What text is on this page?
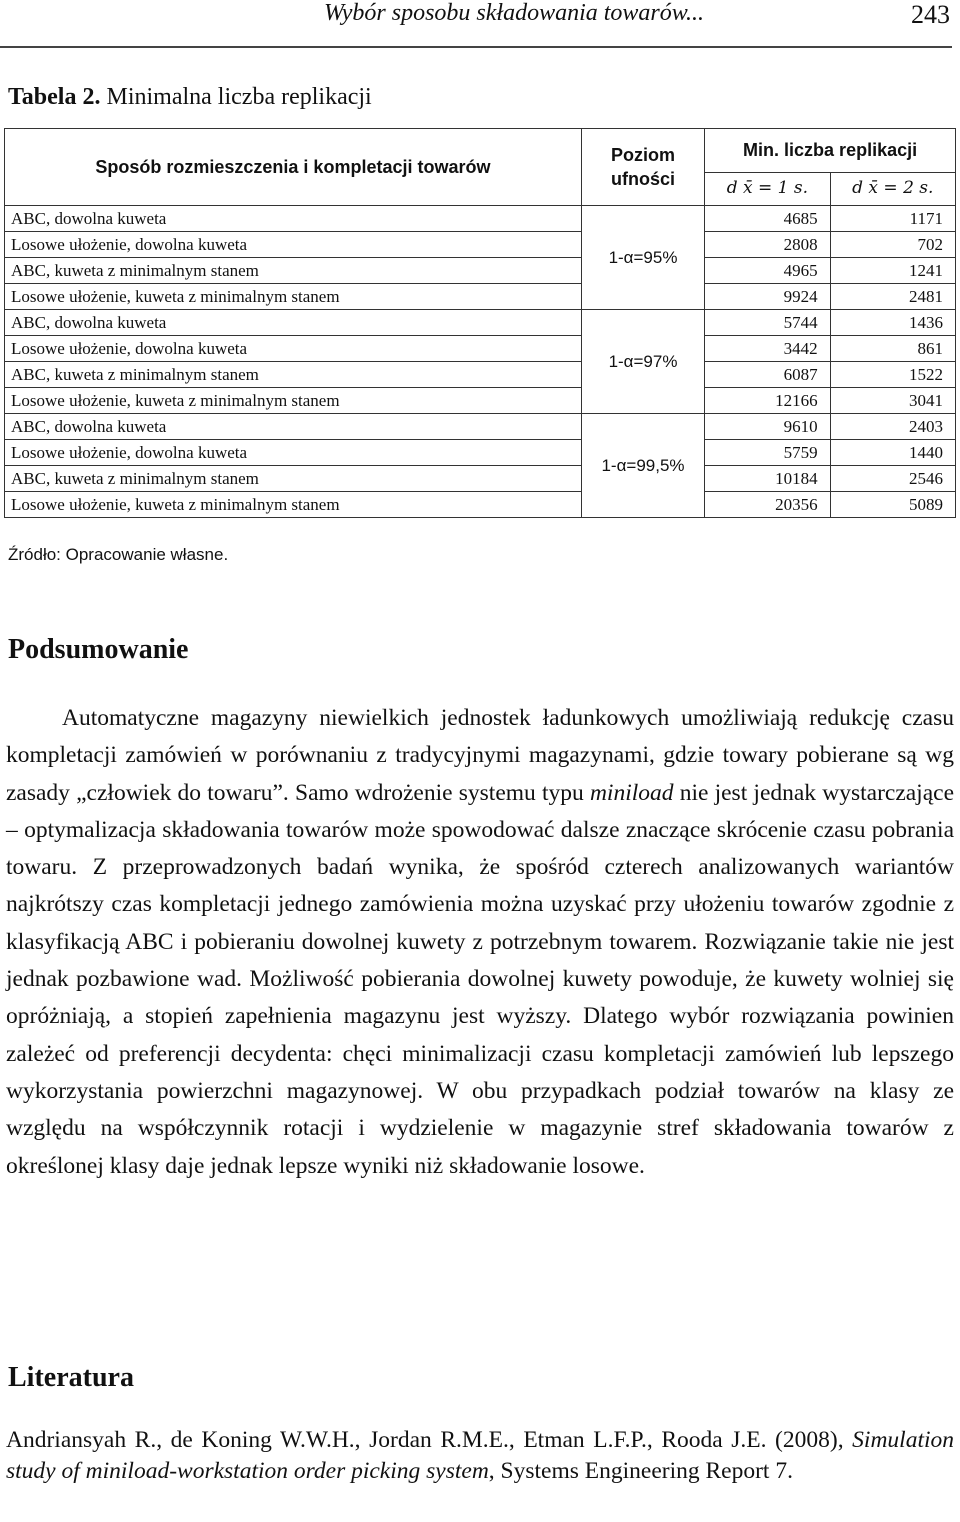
Wybór sposobu składowania towarów...	243
Tabela 2. Minimalna liczba replikacji
Sposób rozmieszczenia i kompletacji towarów	Poziom ufności	Min. liczba replikacji	
		d x̄ = 1 s.	d x̄ = 2 s.
ABC, dowolna kuweta	1-α=95%	4685	1171
Losowe ułożenie, dowolna kuweta		2808	702
ABC, kuweta z minimalnym stanem		4965	1241
Losowe ułożenie, kuweta z minimalnym stanem		9924	2481
ABC, dowolna kuweta	1-α=97%	5744	1436
Losowe ułożenie, dowolna kuweta		3442	861
ABC, kuweta z minimalnym stanem		6087	1522
Losowe ułożenie, kuweta z minimalnym stanem		12166	3041
ABC, dowolna kuweta	1-α=99,5%	9610	2403
Losowe ułożenie, dowolna kuweta		5759	1440
ABC, kuweta z minimalnym stanem		10184	2546
Losowe ułożenie, kuweta z minimalnym stanem		20356	5089
Źródło: Opracowanie własne.
Podsumowanie

Automatyczne magazyny niewielkich jednostek ładunkowych umożliwiają redukcję czasu kompletacji zamówień w porównaniu z tradycyjnymi magazynami, gdzie towary pobierane są wg zasady „człowiek do towaru”. Samo wdrożenie systemu typu miniload nie jest jednak wystarczające – optymalizacja składowania towarów może spowodować dalsze znaczące skrócenie czasu pobrania towaru. Z przeprowadzonych badań wynika, że spośród czterech analizowanych wariantów najkrótszy czas kompletacji jednego zamówienia można uzyskać przy ułożeniu towarów zgodnie z klasyfikacją ABC i pobieraniu dowolnej kuwety z potrzebnym towarem. Rozwiązanie takie nie jest jednak pozbawione wad. Możliwość pobierania dowolnej kuwety powoduje, że kuwety wolniej się opróżniają, a stopień zapełnienia magazynu jest wyższy. Dlatego wybór rozwiązania powinien zależeć od preferencji decydenta: chęci minimalizacji czasu kompletacji zamówień lub lepszego wykorzystania powierzchni magazynowej. W obu przypadkach podział towarów na klasy ze względu na współczynnik rotacji i wydzielenie w magazynie stref składowania towarów z określonej klasy daje jednak lepsze wyniki niż składowanie losowe.

Literatura
Andriansyah R., de Koning W.W.H., Jordan R.M.E., Etman L.F.P., Rooda J.E. (2008), Simulation study of miniload-workstation order picking system, Systems Engineering Report 7.
